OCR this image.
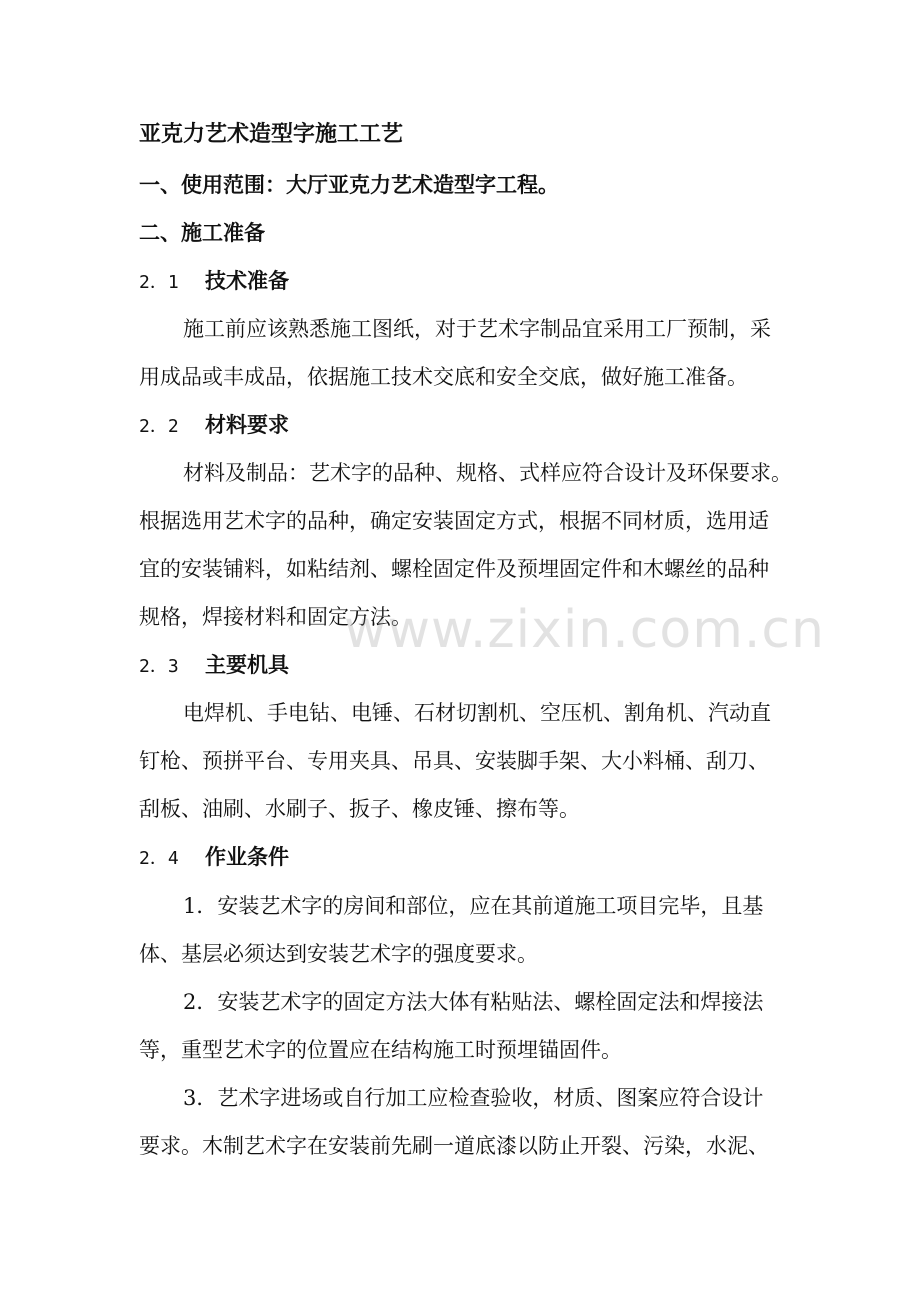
亚克力艺术造型字施工工艺
一、使用范围：大厅亚克力艺术造型字工程。
二、施工准备
2．1 技术准备
施工前应该熟悉施工图纸，对于艺术字制品宜采用工厂预制，采
用成品或丰成品，依据施工技术交底和安全交底，做好施工准备。
2．2 材料要求
材料及制品：艺术字的品种、规格、式样应符合设计及环保要求。
根据选用艺术字的品种，确定安装固定方式，根据不同材质，选用适
宜的安装铺料，如粘结剂、螺栓固定件及预埋固定件和木螺丝的品种
规格，焊接材料和固定方法。
2．3 主要机具
电焊机、手电钻、电锤、石材切割机、空压机、割角机、汽动直
钉枪、预拼平台、专用夹具、吊具、安装脚手架、大小料桶、刮刀、
刮板、油刷、水刷子、扳子、橡皮锤、擦布等。
2．4 作业条件
1．安装艺术字的房间和部位，应在其前道施工项目完毕，且基
体、基层必须达到安装艺术字的强度要求。
2．安装艺术字的固定方法大体有粘贴法、螺栓固定法和焊接法
等，重型艺术字的位置应在结构施工时预埋锚固件。
3．艺术字进场或自行加工应检查验收，材质、图案应符合设计
要求。木制艺术字在安装前先刷一道底漆以防止开裂、污染，水泥、
www.zixin.com.cn
